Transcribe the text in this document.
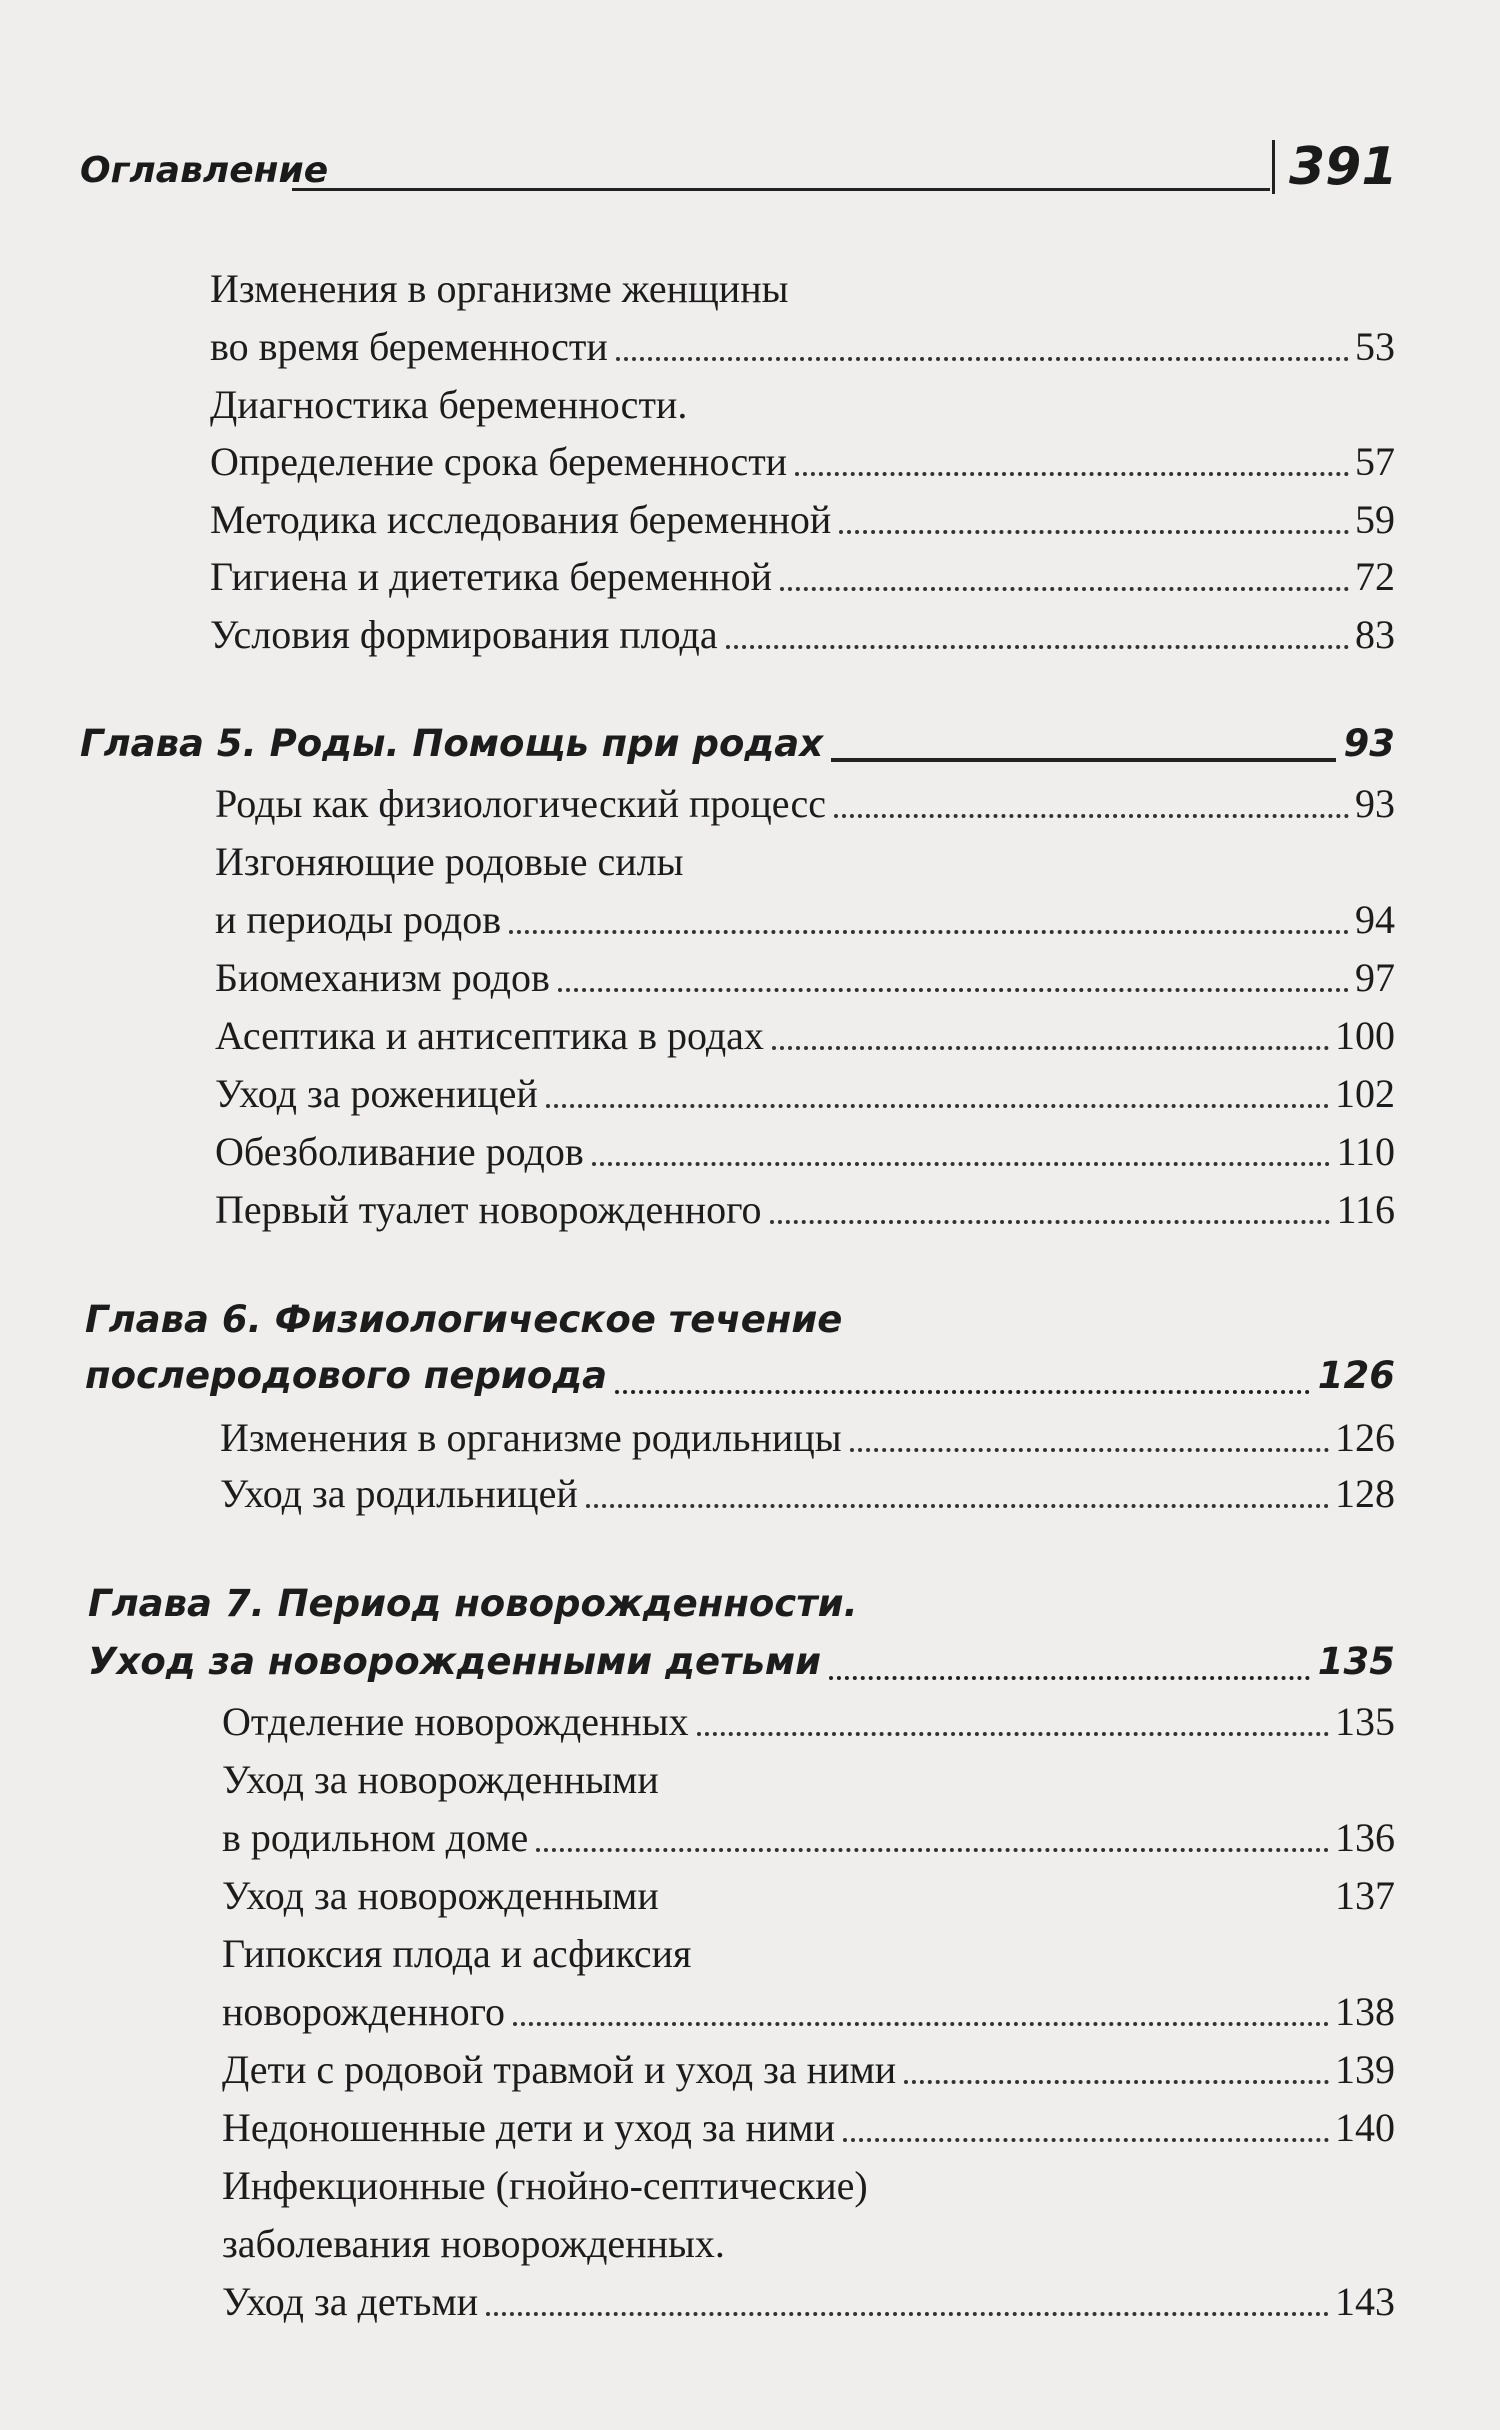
Оглавление	391
Изменения в организме женщины
во время беременности	53
Диагностика беременности.
Определение срока беременности	57
Методика исследования беременной	59
Гигиена и диететика беременной	72
Условия формирования плода	83
Глава 5. Роды. Помощь при родах	93
Роды как физиологический процесс	93
Изгоняющие родовые силы
и периоды родов	94
Биомеханизм родов	97
Асептика и антисептика в родах	100
Уход за роженицей	102
Обезболивание родов	110
Первый туалет новорожденного	116
Глава 6. Физиологическое течение
послеродового периода	126
Изменения в организме родильницы	126
Уход за родильницей	128
Глава 7. Период новорожденности.
Уход за новорожденными детьми	135
Отделение новорожденных	135
Уход за новорожденными
в родильном доме	136
Уход за новорожденными	137
Гипоксия плода и асфиксия
новорожденного	138
Дети с родовой травмой и уход за ними	139
Недоношенные дети и уход за ними	140
Инфекционные (гнойно-септические)
заболевания новорожденных.
Уход за детьми	143
